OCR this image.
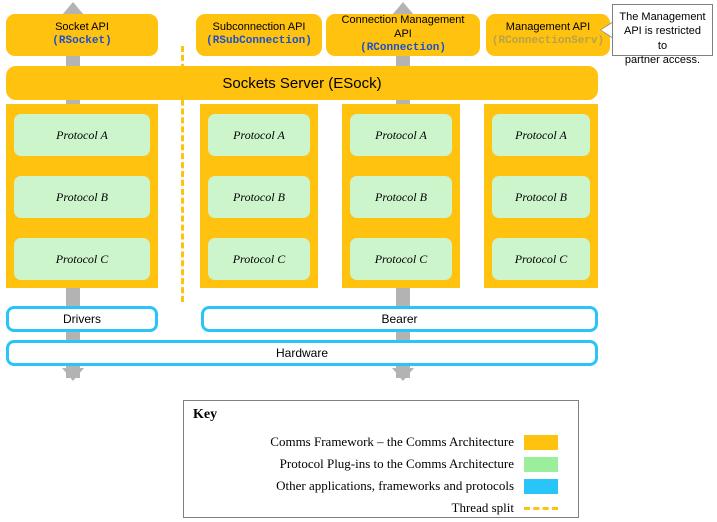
Socket API
(RSocket)
Subconnection API
(RSubConnection)
Connection Management API
(RConnection)
Management API
(RConnectionServ)
The Management
API is restricted to
partner access.
Sockets Server (ESock)
Protocol A	Protocol A	Protocol A	Protocol A
Protocol B	Protocol B	Protocol B	Protocol B
Protocol C	Protocol C	Protocol C	Protocol C
Drivers	Bearer
Hardware
Key
Comms Framework – the Comms Architecture
Protocol Plug-ins to the Comms Architecture
Other applications, frameworks and protocols
Thread split
